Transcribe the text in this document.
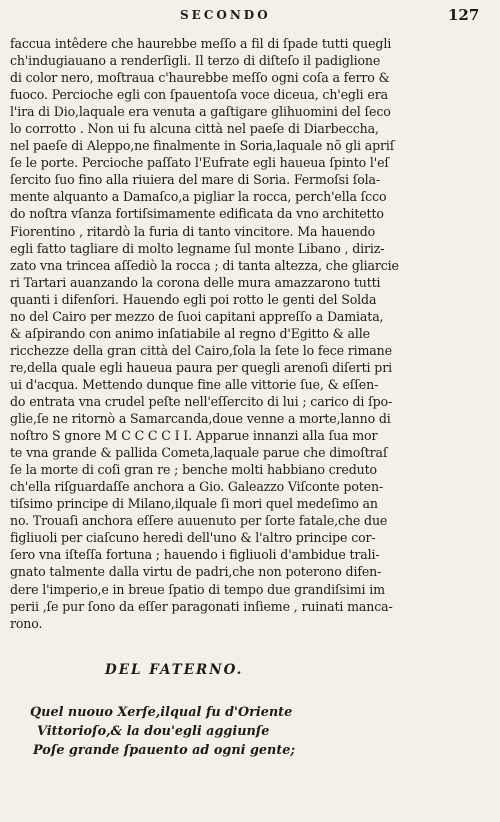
SECONDO	127
faccua intêdere che haurebbe meſſo a fil di ſpade tutti quegli
ch'indugiauano a renderſigli. Il terzo di diſteſo il padiglione
di color nero, moſtraua c'haurebbe meſſo ogni coſa a ferro &
fuoco. Percioche egli con ſpauentoſa voce diceua, ch'egli era
l'ira di Dio,laquale era venuta a gaſtigare glihuomini del ſeco
lo corrotto . Non ui fu alcuna città nel paeſe di Diarbeccha,
nel paeſe di Aleppo,ne finalmente in Soria,laquale nõ gli apriſ
ſe le porte. Percioche paſſato l'Eufrate egli haueua ſpinto l'eſ
ſercito ſuo fino alla riuiera del mare di Soria. Fermoſsi ſola-
mente alquanto a Damaſco,a pigliar la rocca, perch'ella ſcco
do noſtra vſanza fortiſsimamente edificata da vno architetto
Fiorentino , ritardò la furia di tanto vincitore. Ma hauendo
egli fatto tagliare di molto legname ſul monte Libano , diriz-
zato vna trincea aſſediò la rocca ; di tanta altezza, che gliarcie
ri Tartari auanzando la corona delle mura amazzarono tutti
quanti i difenſori. Hauendo egli poi rotto le genti del Solda
no del Cairo per mezzo de ſuoi capitani appreſſo a Damiata,
& aſpirando con animo inſatiabile al regno d'Egitto & alle
ricchezze della gran città del Cairo,ſola la ſete lo fece rimane
re,della quale egli haueua paura per quegli arenoſi diſerti pri
ui d'acqua. Mettendo dunque fine alle vittorie ſue, & eſſen-
do entrata vna crudel peſte nell'eſſercito di lui ; carico di ſpo-
glie,ſe ne ritornò a Samarcanda,doue venne a morte,lanno di
noſtro S gnore M C C C C I I. Apparue innanzi alla ſua mor
te vna grande & pallida Cometa,laquale parue che dimoſtraſ
ſe la morte di coſi gran re ; benche molti habbiano creduto
ch'ella riſguardaſſe anchora a Gio. Galeazzo Viſconte poten-
tiſsimo principe di Milano,ilquale ſi mori quel medeſimo an
no. Trouaſi anchora eſſere auuenuto per ſorte fatale,che due
figliuoli per ciaſcuno heredi dell'uno & l'altro principe cor-
ſero vna iſteſſa fortuna ; hauendo i figliuoli d'ambidue trali-
gnato talmente dalla virtu de padri,che non poterono difen-
dere l'imperio,e in breue ſpatio di tempo due grandiſsimi im
perii ,ſe pur ſono da eſſer paragonati inſieme , ruinati manca-
rono.
DEL FATERNO.
Quel nuouo Xerſe,ilqual fu d'Oriente
Vittorioſo,& la dou'egli aggiunſe
Poſe grande ſpauento ad ogni gente;
